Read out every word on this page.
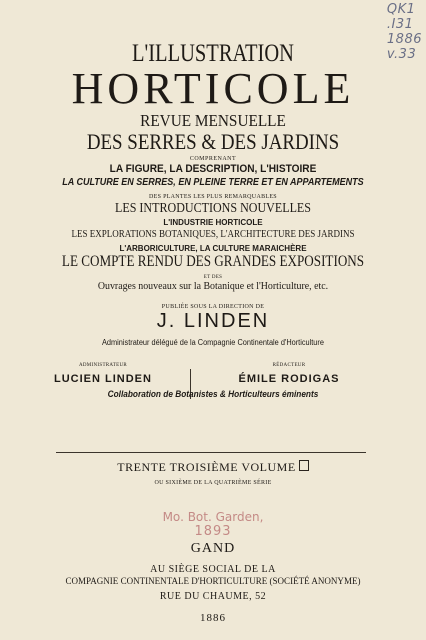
QK1
.I31
1886
v.33
L'ILLUSTRATION
HORTICOLE
REVUE MENSUELLE
DES SERRES & DES JARDINS
COMPRENANT
LA FIGURE, LA DESCRIPTION, L'HISTOIRE
LA CULTURE EN SERRES, EN PLEINE TERRE ET EN APPARTEMENTS
DES PLANTES LES PLUS REMARQUABLES
LES INTRODUCTIONS NOUVELLES
L'INDUSTRIE HORTICOLE
LES EXPLORATIONS BOTANIQUES, L'ARCHITECTURE DES JARDINS
L'ARBORICULTURE, LA CULTURE MARAICHÈRE
LE COMPTE RENDU DES GRANDES EXPOSITIONS
ET DES
Ouvrages nouveaux sur la Botanique et l'Horticulture, etc.
PUBLIÉE SOUS LA DIRECTION DE
J. LINDEN
Administrateur délégué de la Compagnie Continentale d'Horticulture
ADMINISTRATEUR
LUCIEN LINDEN
RÉDACTEUR
ÉMILE RODIGAS
Collaboration de Botanistes & Horticulteurs éminents
TRENTE TROISIÈME VOLUME
OU SIXIÈME DE LA QUATRIÈME SÉRIE
Mo. Bot. Garden,
1893
GAND
AU SIÈGE SOCIAL DE LA
COMPAGNIE CONTINENTALE D'HORTICULTURE (SOCIÉTÉ ANONYME)
RUE DU CHAUME, 52
1886
